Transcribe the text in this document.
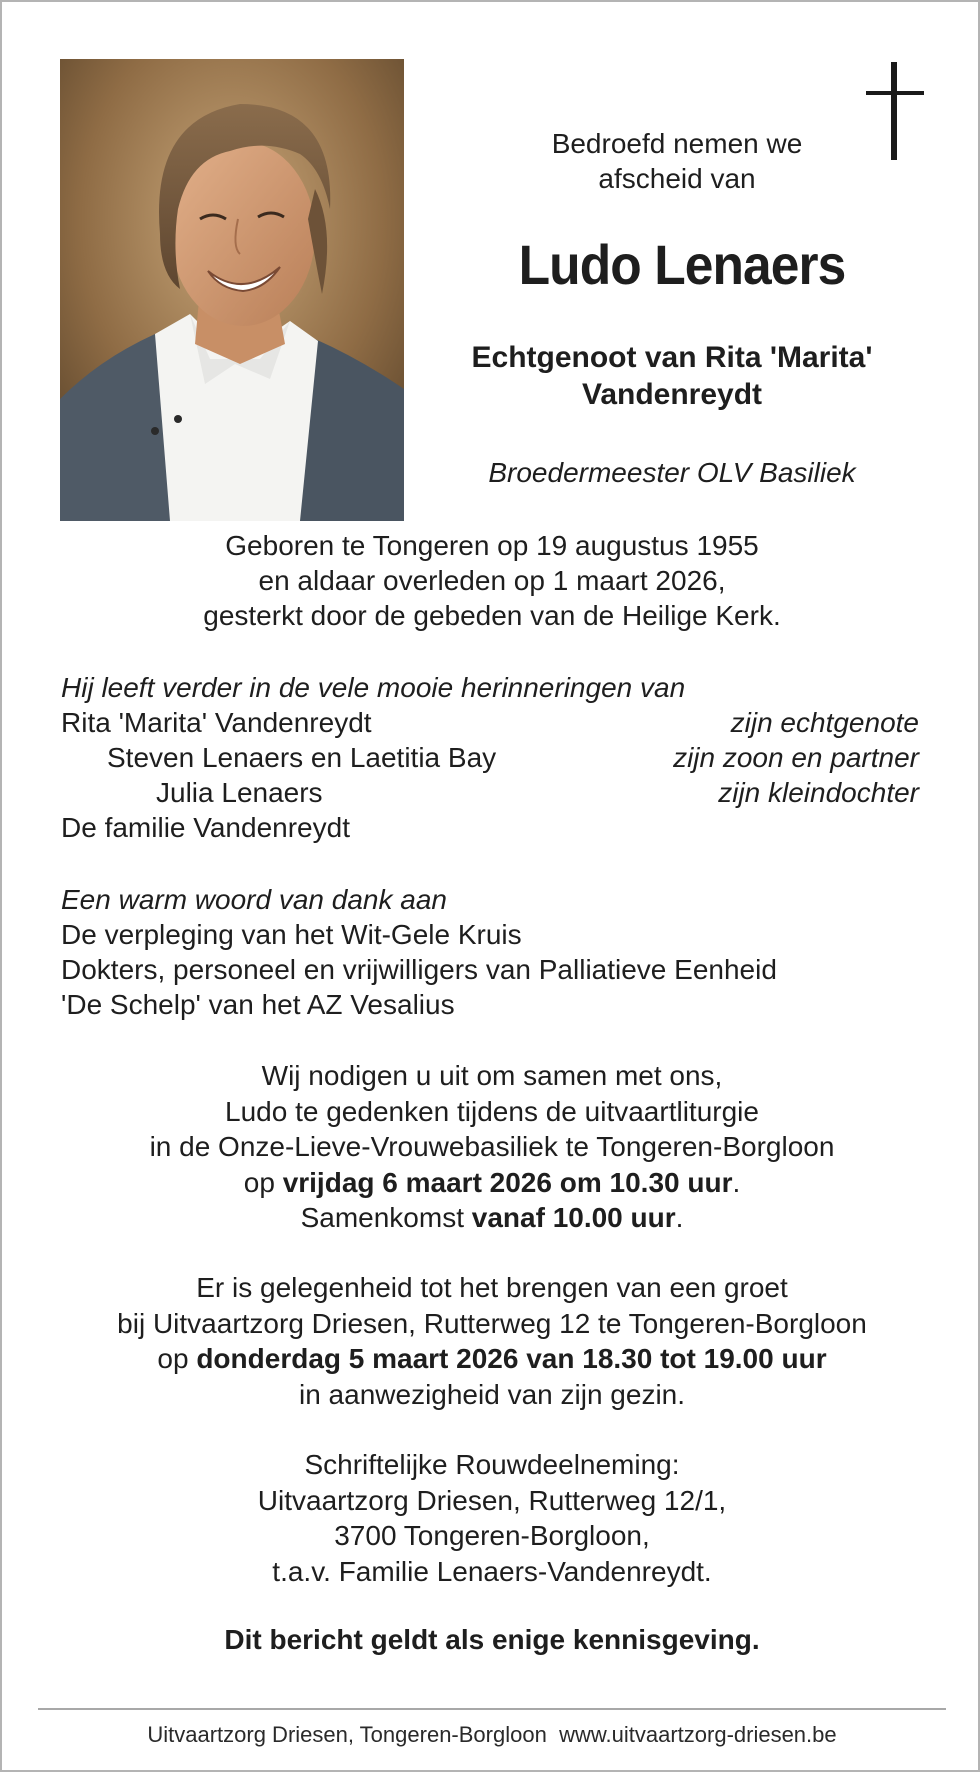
Bedroefd nemen we
afscheid van
Ludo Lenaers
Echtgenoot van Rita 'Marita'
Vandenreydt
Broedermeester OLV Basiliek
Geboren te Tongeren op 19 augustus 1955
en aldaar overleden op 1 maart 2026,
gesterkt door de gebeden van de Heilige Kerk.
Hij leeft verder in de vele mooie herinneringen van
Rita 'Marita' Vandenreydt	zijn echtgenote
Steven Lenaers en Laetitia Bay	zijn zoon en partner
Julia Lenaers	zijn kleindochter
De familie Vandenreydt
Een warm woord van dank aan
De verpleging van het Wit-Gele Kruis
Dokters, personeel en vrijwilligers van Palliatieve Eenheid
'De Schelp' van het AZ Vesalius
Wij nodigen u uit om samen met ons,
Ludo te gedenken tijdens de uitvaartliturgie
in de Onze-Lieve-Vrouwebasiliek te Tongeren-Borgloon
op vrijdag 6 maart 2026 om 10.30 uur.
Samenkomst vanaf 10.00 uur.
Er is gelegenheid tot het brengen van een groet
bij Uitvaartzorg Driesen, Rutterweg 12 te Tongeren-Borgloon
op donderdag 5 maart 2026 van 18.30 tot 19.00 uur
in aanwezigheid van zijn gezin.
Schriftelijke Rouwdeelneming:
Uitvaartzorg Driesen, Rutterweg 12/1,
3700 Tongeren-Borgloon,
t.a.v. Familie Lenaers-Vandenreydt.
Dit bericht geldt als enige kennisgeving.
Uitvaartzorg Driesen, Tongeren-Borgloon www.uitvaartzorg-driesen.be
